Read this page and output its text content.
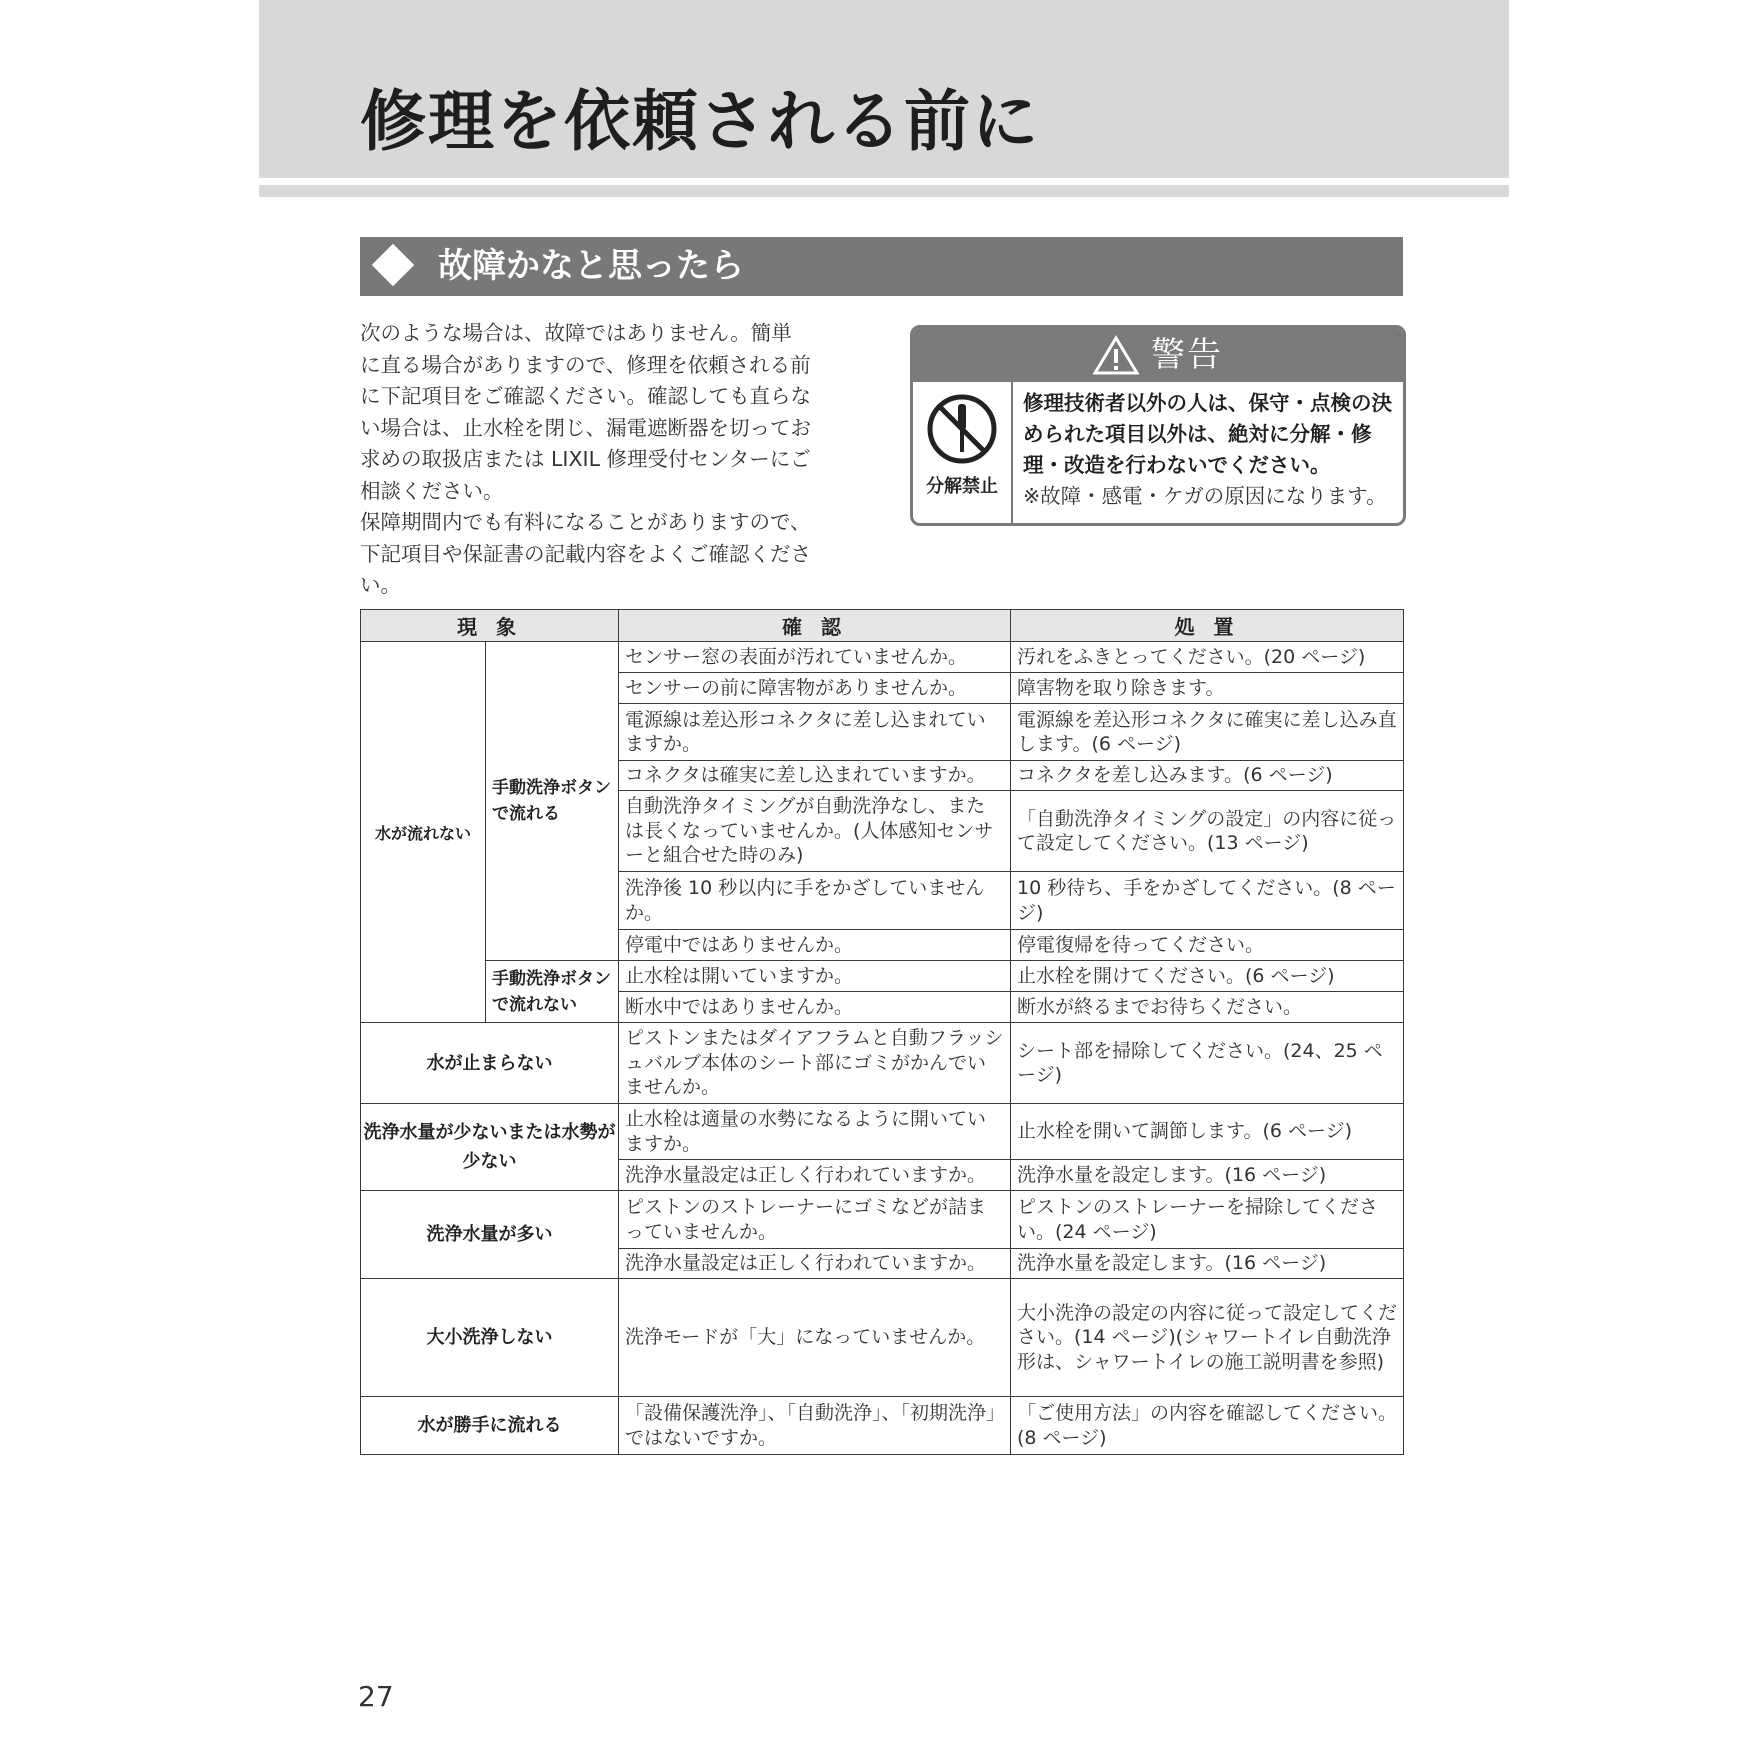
修理を依頼される前に
故障かなと思ったら

次のような場合は、故障ではありません。簡単に直る場合がありますので、修理を依頼される前に下記項目をご確認ください。確認しても直らない場合は、止水栓を閉じ、漏電遮断器を切ってお求めの取扱店または LIXIL 修理受付センターにご相談ください。

保障期間内でも有料になることがありますので、下記項目や保証書の記載内容をよくご確認ください。

警告
分解禁止
修理技術者以外の人は、保守・点検の決められた項目以外は、絶対に分解・修理・改造を行わないでください。
※故障・感電・ケガの原因になります。
現 象		確 認	処 置
水が流れない	手動洗浄ボタンで流れる	センサー窓の表面が汚れていませんか。	汚れをふきとってください。(20 ページ)
		センサーの前に障害物がありませんか。	障害物を取り除きます。
		電源線は差込形コネクタに差し込まれていますか。	電源線を差込形コネクタに確実に差し込み直します。(6 ページ)
		コネクタは確実に差し込まれていますか。	コネクタを差し込みます。(6 ページ)
		自動洗浄タイミングが自動洗浄なし、または長くなっていませんか。(人体感知センサーと組合せた時のみ)	「自動洗浄タイミングの設定」の内容に従って設定してください。(13 ページ)
		洗浄後 10 秒以内に手をかざしていませんか。	10 秒待ち、手をかざしてください。(8 ページ)
		停電中ではありませんか。	停電復帰を待ってください。
	手動洗浄ボタンで流れない	止水栓は開いていますか。	止水栓を開けてください。(6 ページ)
		断水中ではありませんか。	断水が終るまでお待ちください。
水が止まらない		ピストンまたはダイアフラムと自動フラッシュバルブ本体のシート部にゴミがかんでいませんか。	シート部を掃除してください。(24、25 ページ)
洗浄水量が少ないまたは水勢が少ない		止水栓は適量の水勢になるように開いていますか。	止水栓を開いて調節します。(6 ページ)
		洗浄水量設定は正しく行われていますか。	洗浄水量を設定します。(16 ページ)
洗浄水量が多い		ピストンのストレーナーにゴミなどが詰まっていませんか。	ピストンのストレーナーを掃除してください。(24 ページ)
		洗浄水量設定は正しく行われていますか。	洗浄水量を設定します。(16 ページ)
大小洗浄しない		洗浄モードが「大」になっていませんか。	大小洗浄の設定の内容に従って設定してください。(14 ページ)(シャワートイレ自動洗浄形は、シャワートイレの施工説明書を参照)
水が勝手に流れる		「設備保護洗浄」、「自動洗浄」、「初期洗浄」ではないですか。	「ご使用方法」の内容を確認してください。(8 ページ)
27
